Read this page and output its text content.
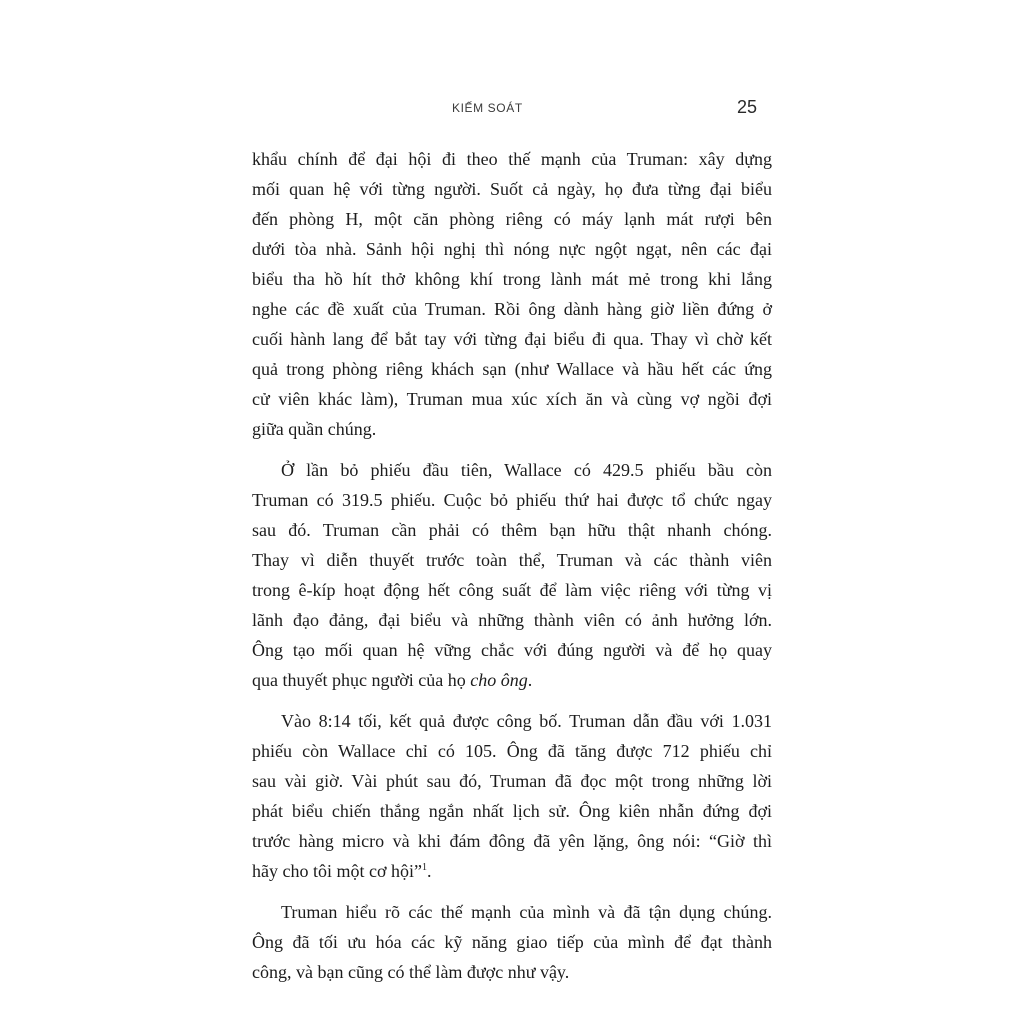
KIẾM SOÁT	25
khẩu chính để đại hội đi theo thế mạnh của Truman: xây dựng
mối quan hệ với từng người. Suốt cả ngày, họ đưa từng đại biểu
đến phòng H, một căn phòng riêng có máy lạnh mát rượi bên
dưới tòa nhà. Sảnh hội nghị thì nóng nực ngột ngạt, nên các đại
biểu tha hồ hít thở không khí trong lành mát mẻ trong khi lắng
nghe các đề xuất của Truman. Rồi ông dành hàng giờ liền đứng ở
cuối hành lang để bắt tay với từng đại biểu đi qua. Thay vì chờ kết
quả trong phòng riêng khách sạn (như Wallace và hầu hết các ứng
cử viên khác làm), Truman mua xúc xích ăn và cùng vợ ngồi đợi
giữa quần chúng.
Ở lần bỏ phiếu đầu tiên, Wallace có 429.5 phiếu bầu còn
Truman có 319.5 phiếu. Cuộc bỏ phiếu thứ hai được tổ chức ngay
sau đó. Truman cần phải có thêm bạn hữu thật nhanh chóng.
Thay vì diễn thuyết trước toàn thể, Truman và các thành viên
trong ê-kíp hoạt động hết công suất để làm việc riêng với từng vị
lãnh đạo đảng, đại biểu và những thành viên có ảnh hưởng lớn.
Ông tạo mối quan hệ vững chắc với đúng người và để họ quay
qua thuyết phục người của họ cho ông.
Vào 8:14 tối, kết quả được công bố. Truman dẫn đầu với 1.031
phiếu còn Wallace chỉ có 105. Ông đã tăng được 712 phiếu chỉ
sau vài giờ. Vài phút sau đó, Truman đã đọc một trong những lời
phát biểu chiến thắng ngắn nhất lịch sử. Ông kiên nhẫn đứng đợi
trước hàng micro và khi đám đông đã yên lặng, ông nói: “Giờ thì
hãy cho tôi một cơ hội”$^1$.
Truman hiểu rõ các thế mạnh của mình và đã tận dụng chúng.
Ông đã tối ưu hóa các kỹ năng giao tiếp của mình để đạt thành
công, và bạn cũng có thể làm được như vậy.
